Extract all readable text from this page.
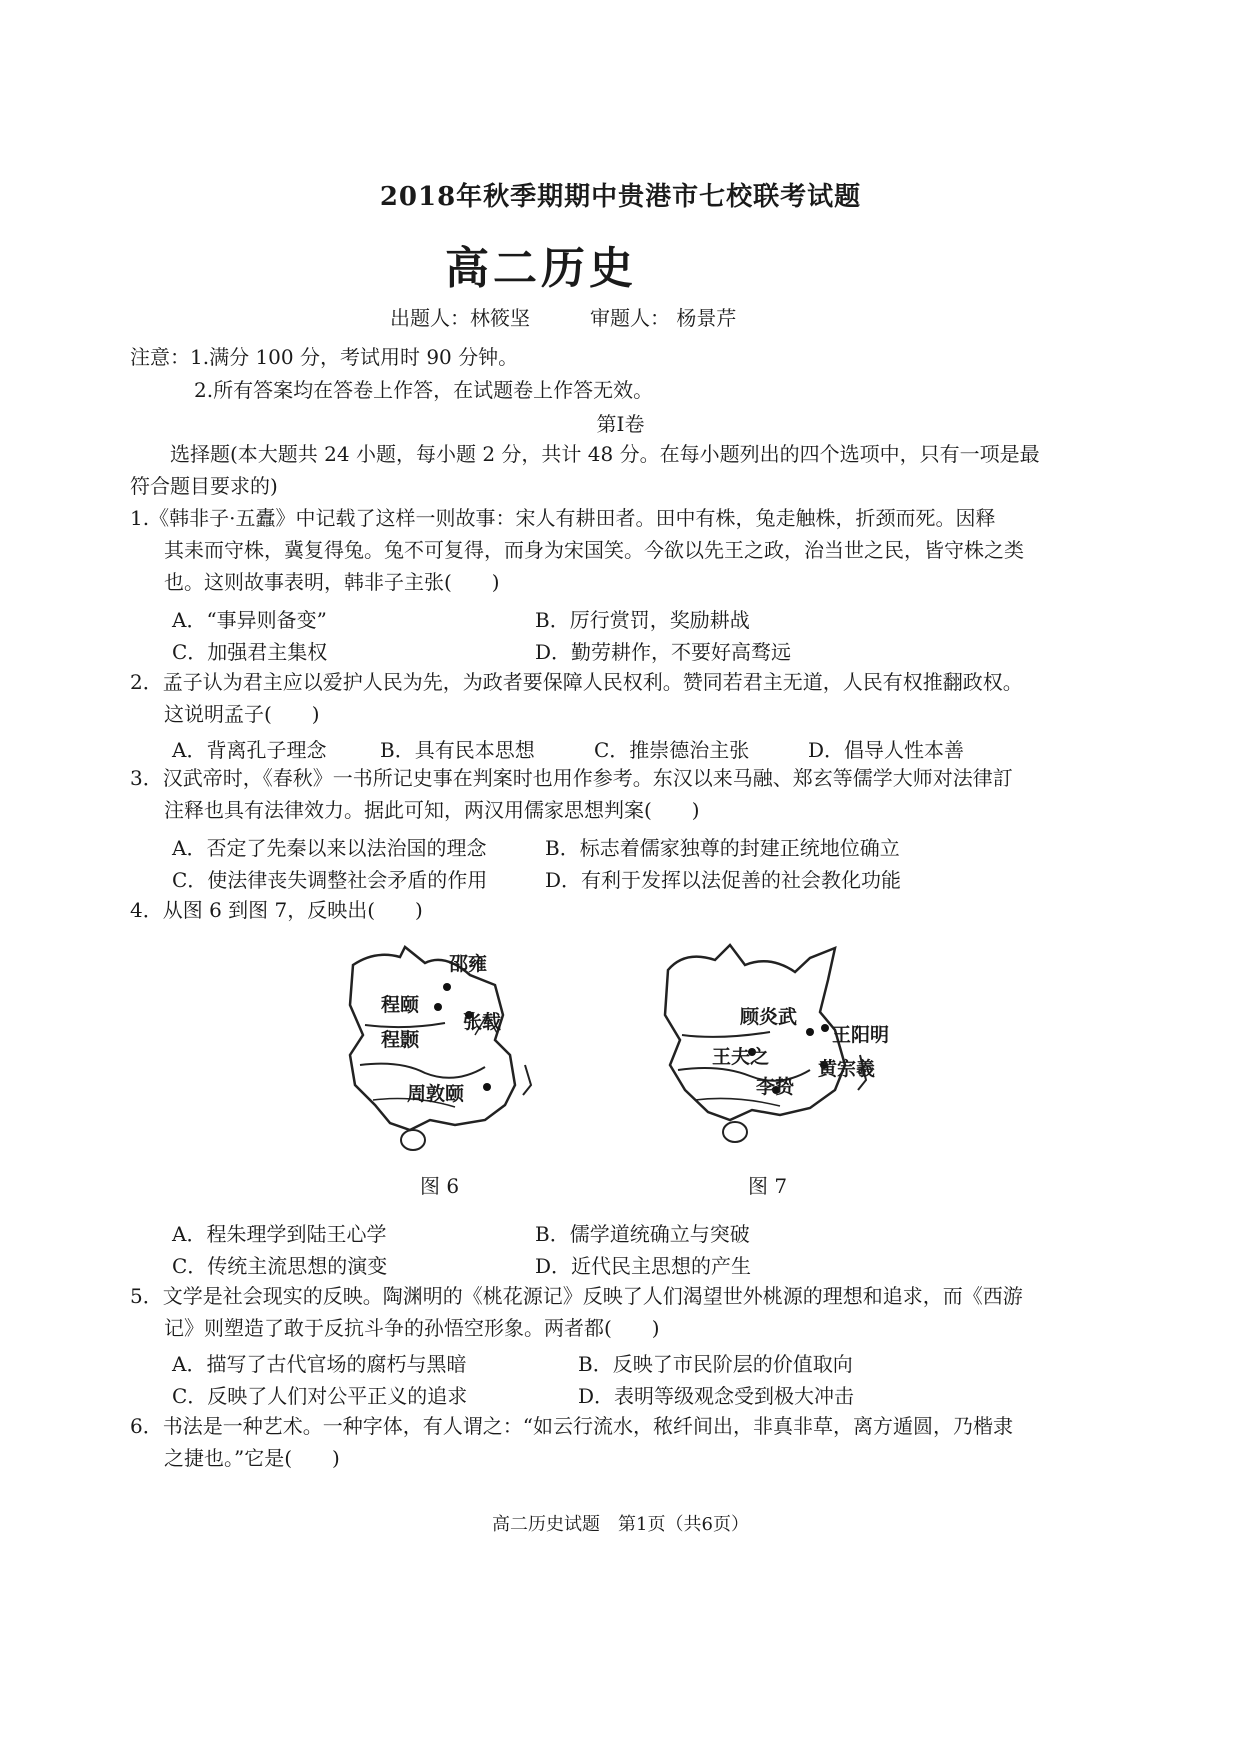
2018年秋季期期中贵港市七校联考试题
高二历史
出题人：林筱坚	审题人： 杨景芹
注意：1.满分 100 分，考试用时 90 分钟。
2.所有答案均在答卷上作答，在试题卷上作答无效。
第Ⅰ卷
选择题(本大题共 24 小题，每小题 2 分，共计 48 分。在每小题列出的四个选项中，只有一项是最
符合题目要求的)
1.《韩非子·五蠹》中记载了这样一则故事：宋人有耕田者。田中有株，兔走触株，折颈而死。因释
其耒而守株，冀复得兔。兔不可复得，而身为宋国笑。今欲以先王之政，治当世之民，皆守株之类
也。这则故事表明，韩非子主张(　　)
A．“事异则备变”	B．厉行赏罚，奖励耕战
C．加强君主集权	D．勤劳耕作，不要好高骛远
2．孟子认为君主应以爱护人民为先，为政者要保障人民权利。赞同若君主无道，人民有权推翻政权。
这说明孟子(　　)
A．背离孔子理念	B．具有民本思想	C．推崇德治主张	D．倡导人性本善
3．汉武帝时，《春秋》一书所记史事在判案时也用作参考。东汉以来马融、郑玄等儒学大师对法律訂
注释也具有法律效力。据此可知，两汉用儒家思想判案(　　)
A．否定了先秦以来以法治国的理念	B．标志着儒家独尊的封建正统地位确立
C．使法律丧失调整社会矛盾的作用	D．有利于发挥以法促善的社会教化功能
4．从图 6 到图 7，反映出(　　)
邵雍
程颐
张载
程颢
周敦颐
图 6
顾炎武
王阳明
王夫之
黄宗羲
李贽
图 7
A．程朱理学到陆王心学	B．儒学道统确立与突破
C．传统主流思想的演变	D．近代民主思想的产生
5．文学是社会现实的反映。陶渊明的《桃花源记》反映了人们渴望世外桃源的理想和追求，而《西游
记》则塑造了敢于反抗斗争的孙悟空形象。两者都(　　)
A．描写了古代官场的腐朽与黑暗	B．反映了市民阶层的价值取向
C．反映了人们对公平正义的追求	D．表明等级观念受到极大冲击
6．书法是一种艺术。一种字体，有人谓之：“如云行流水，秾纤间出，非真非草，离方遁圆，乃楷隶
之捷也。”它是(　　)
高二历史试题　第1页（共6页）
